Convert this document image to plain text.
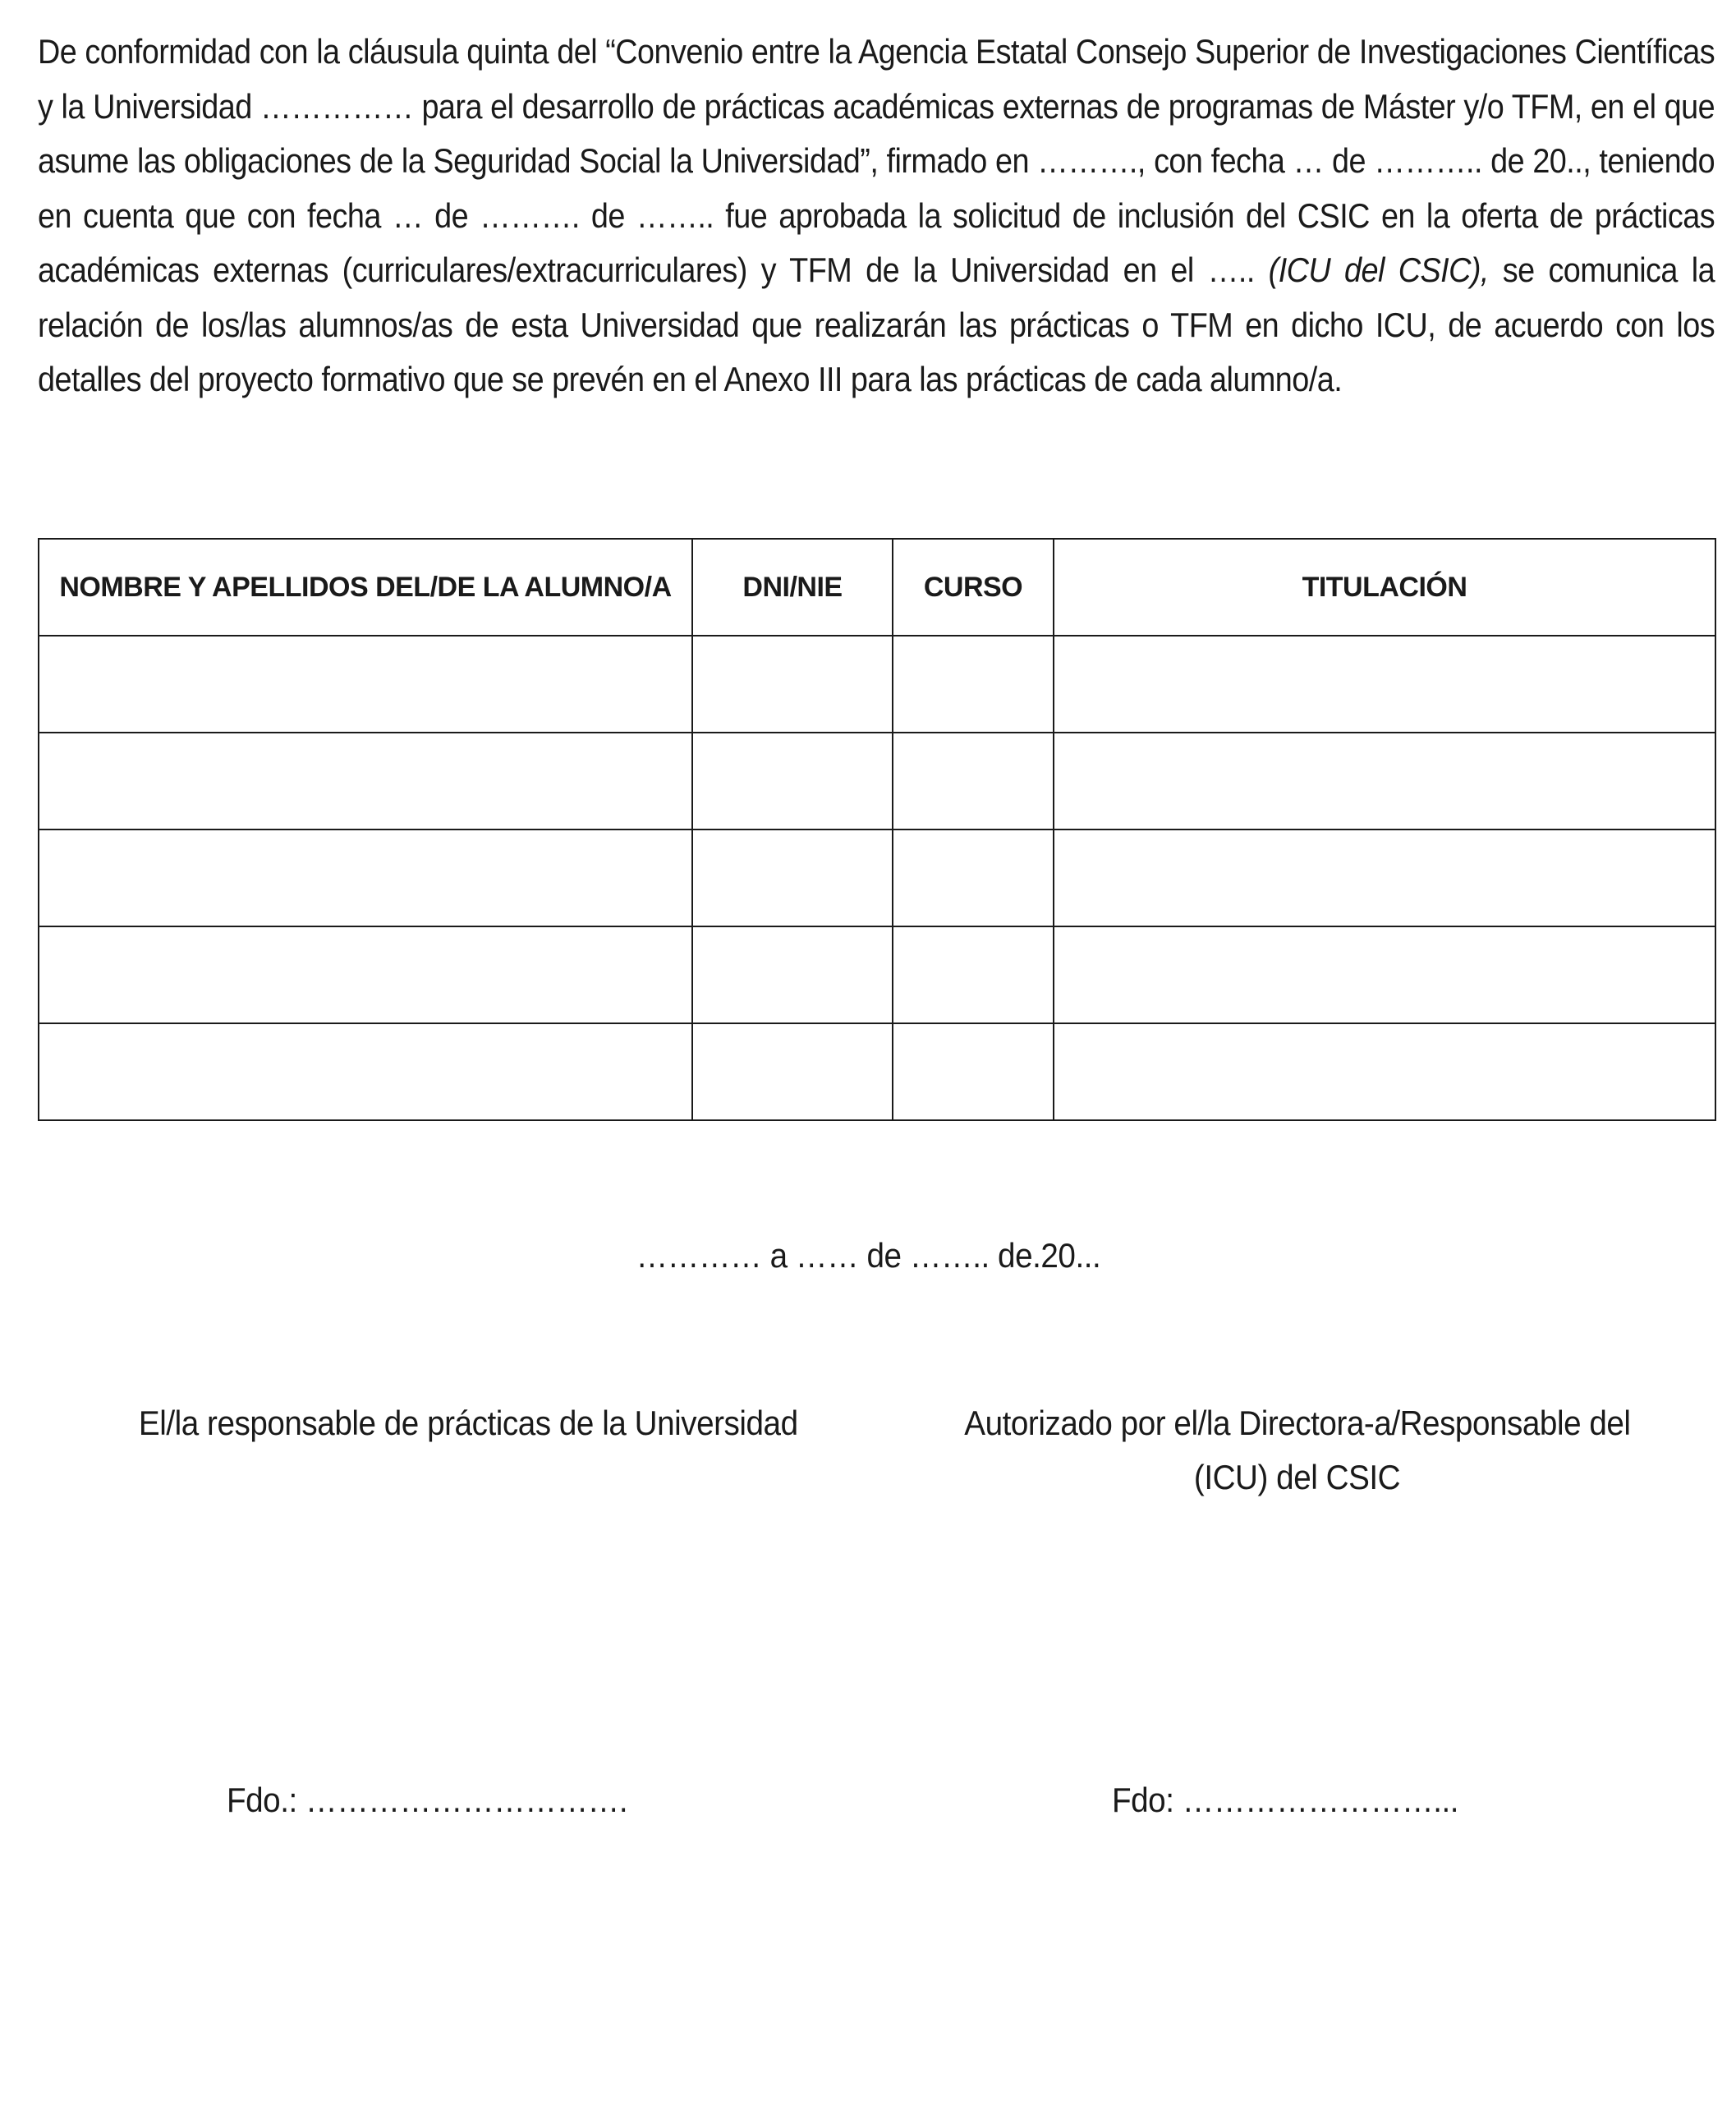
De conformidad con la cláusula quinta del “Convenio entre la Agencia Estatal Consejo Superior de Investigaciones Científicas y la Universidad …………… para el desarrollo de prácticas académicas externas de programas de Máster y/o TFM, en el que asume las obligaciones de la Seguridad Social la Universidad”, firmado en ………., con fecha … de ……….. de 20.., teniendo en cuenta que con fecha … de ………. de …….. fue aprobada la solicitud de inclusión del CSIC en la oferta de prácticas académicas externas (curriculares/extracurriculares) y TFM de la Universidad en el ….. (ICU del CSIC), se comunica la relación de los/las alumnos/as de esta Universidad que realizarán las prácticas o TFM en dicho ICU, de acuerdo con los detalles del proyecto formativo que se prevén en el Anexo III para las prácticas de cada alumno/a.

NOMBRE Y APELLIDOS DEL/DE LA ALUMNO/A	DNI/NIE	CURSO	TITULACIÓN

………… a …… de …….. de.20...
El/la responsable de prácticas de la Universidad	Autorizado por el/la Directora-a/Responsable del
(ICU) del CSIC
Fdo.: ………………………….	Fdo: ……………………...
